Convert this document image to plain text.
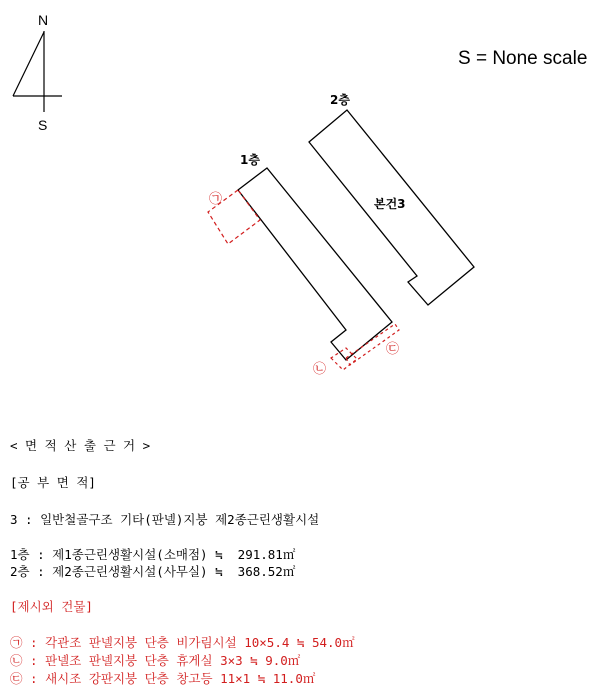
N
S
2층
본건3
1층
㉠
㉡
㉢
S = None scale
< 면 적 산 출 근 거 >
[공 부 면 적]
3 : 일반철골구조 기타(판넬)지붕 제2종근린생활시설
1층 : 제1종근린생활시설(소매점) ≒  291.81㎡
2층 : 제2종근린생활시설(사무실) ≒  368.52㎡
[제시외 건물]
㉠ : 각관조 판넬지붕 단층 비가림시설 10×5.4 ≒ 54.0㎡
㉡ : 판넬조 판넬지붕 단층 휴게실 3×3 ≒ 9.0㎡
㉢ : 새시조 강판지붕 단층 창고등 11×1 ≒ 11.0㎡
